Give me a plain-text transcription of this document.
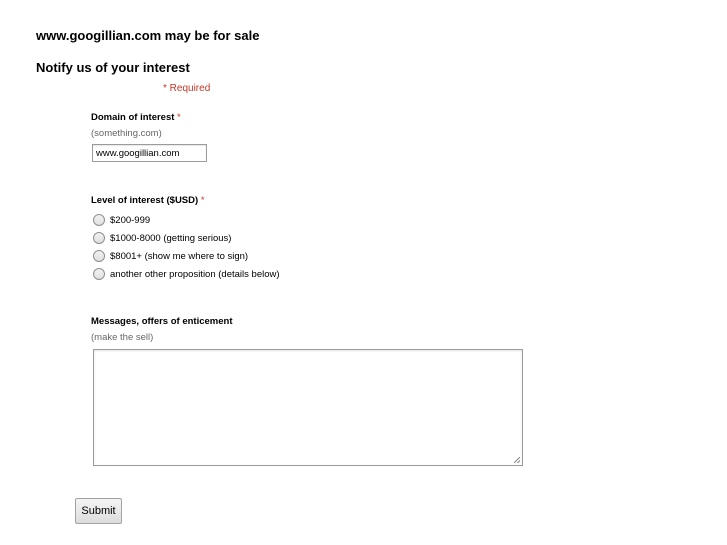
www.googillian.com may be for sale
Notify us of your interest
* Required
Domain of interest *
(something.com)
www.googillian.com
Level of interest ($USD) *
$200-999
$1000-8000 (getting serious)
$8001+ (show me where to sign)
another other proposition (details below)
Messages, offers of enticement
(make the sell)
Submit
